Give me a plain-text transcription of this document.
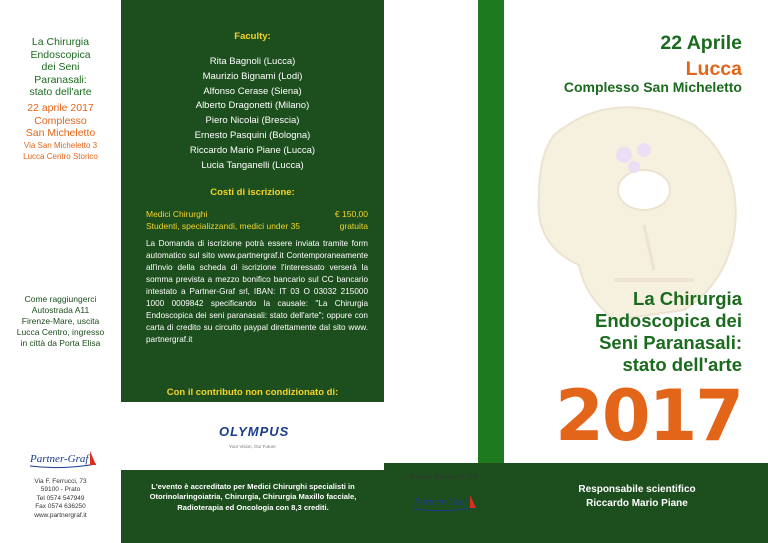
La Chirurgia
Endoscopica
dei Seni
Paranasali:
stato dell'arte
22 aprile 2017
Complesso
San Micheletto
Via San Micheletto 3
Lucca Centro Storico
Come raggiungerci
Autostrada A11
Firenze-Mare, uscita
Lucca Centro, ingresso
in città da Porta Elisa
Partner-Graf
Via F. Ferrucci, 73
59100 - Prato
Tel 0574 547949
Fax 0574 636250
www.partnergraf.it
Faculty:
Rita Bagnoli (Lucca)
Maurizio Bignami (Lodi)
Alfonso Cerase (Siena)
Alberto Dragonetti (Milano)
Piero Nicolai (Brescia)
Ernesto Pasquini (Bologna)
Riccardo Mario Piane (Lucca)
Lucia Tanganelli (Lucca)
Costi di iscrizione:
Medici Chirurghi	€ 150,00
Studenti, specializzandi, medici under 35	gratuita
La Domanda di iscrizione potrà essere inviata tramite form automatico sul sito www.partnergraf.it Contemporaneamente all'invio della scheda di iscrizione l'interessato verserà la somma prevista a mezzo bonifico bancario sul CC bancario intestato a Partner-Graf srl, IBAN: IT 03 O 03032 215000 1000 0009842 specificando la causale: "La Chirurgia Endoscopica dei seni paranasali: stato dell'arte"; oppure con carta di credito su circuito paypal direttamente dal sito www. partnergraf.it
Con il contributo non condizionato di:
OLYMPUS
Your Vision, Our Future
L'evento è accreditato per Medici Chirurghi specialisti in Otorinolaringoiatria, Chirurgia, Chirurgia Maxillo facciale, Radioterapia ed Oncologia con 8,3 crediti.
22 Aprile
Lucca
Complesso San Micheletto
La Chirurgia
Endoscopica dei
Seni Paranasali:
stato dell'arte
2017
Provider Standard n° 156
Partner-Graf
Responsabile scientifico
Riccardo Mario Piane
